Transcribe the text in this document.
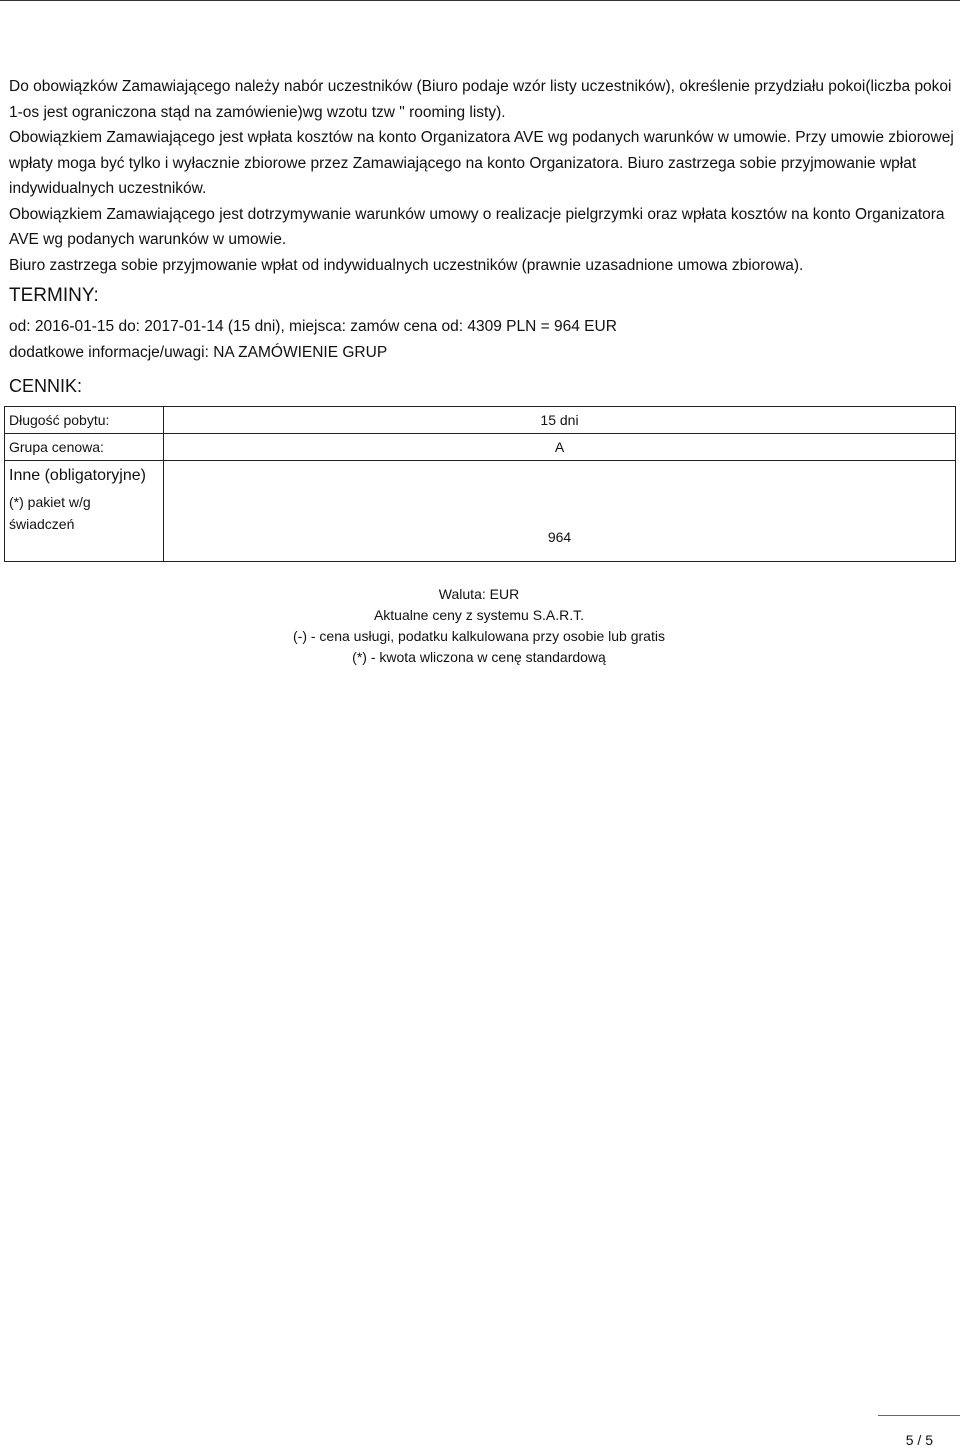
Do obowiązków Zamawiającego należy nabór uczestników (Biuro podaje wzór listy uczestników), określenie przydziału pokoi(liczba pokoi 1-os jest ograniczona stąd na zamówienie)wg wzotu tzw " rooming listy).

Obowiązkiem Zamawiającego jest wpłata kosztów na konto Organizatora AVE wg podanych warunków w umowie. Przy umowie zbiorowej wpłaty moga być tylko i wyłacznie zbiorowe przez Zamawiającego na konto Organizatora. Biuro zastrzega sobie przyjmowanie wpłat indywidualnych uczestników.

Obowiązkiem Zamawiającego jest dotrzymywanie warunków umowy o realizacje pielgrzymki oraz wpłata kosztów na konto Organizatora AVE wg podanych warunków w umowie.

Biuro zastrzega sobie przyjmowanie wpłat od indywidualnych uczestników (prawnie uzasadnione umowa zbiorowa).

TERMINY:

od: 2016-01-15 do: 2017-01-14 (15 dni), miejsca: zamów cena od: 4309 PLN = 964 EUR

dodatkowe informacje/uwagi: NA ZAMÓWIENIE GRUP

CENNIK:
Długość pobytu:	15 dni
Grupa cenowa:	A

Inne (obligatoryjne)
(*) pakiet w/g świadczeń	964
Waluta: EUR
Aktualne ceny z systemu S.A.R.T.
(-) - cena usługi, podatku kalkulowana przy osobie lub gratis
(*) - kwota wliczona w cenę standardową
5 / 5
